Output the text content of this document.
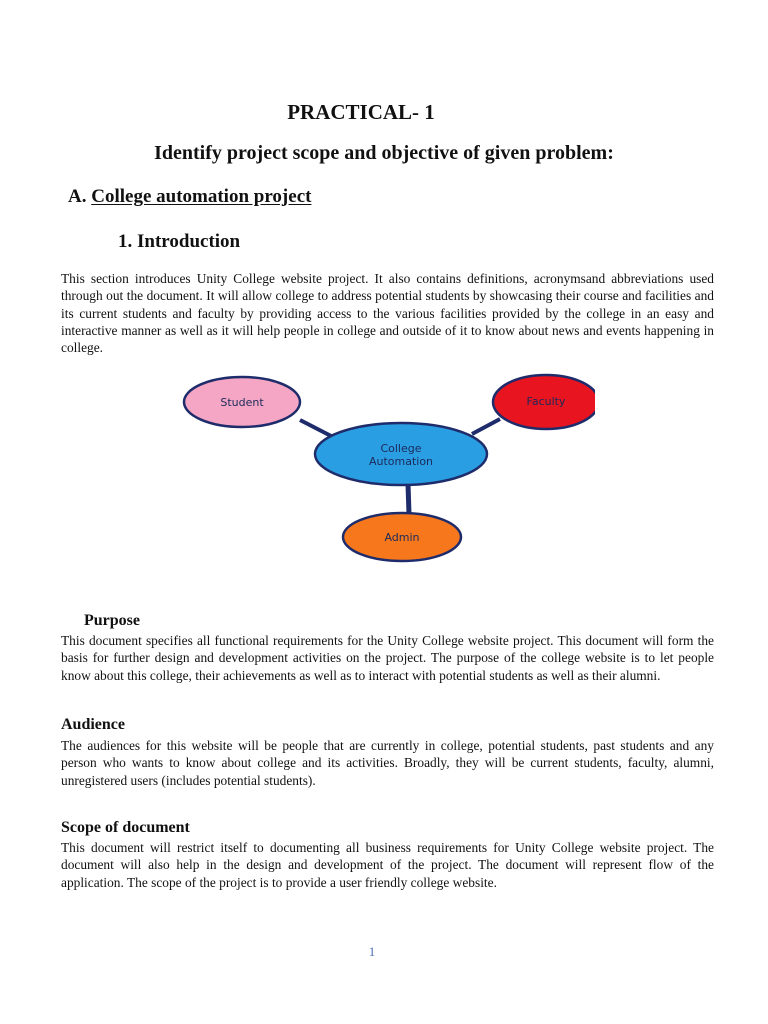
PRACTICAL- 1

Identify project scope and objective of given problem:

A. College automation project

1. Introduction

This section introduces Unity College website project. It also contains definitions, acronymsand abbreviations used through out the document. It will allow college to address potential students by showcasing their course and facilities and its current students and faculty by providing access to the various facilities provided by the college in an easy and interactive manner as well as it will help people in college and outside of it to know about news and events happening in college.

Student	Faculty
College
Automation
Admin

Purpose

This document specifies all functional requirements for the Unity College website project. This document will form the basis for further design and development activities on the project. The purpose of the college website is to let people know about this college, their achievements as well as to interact with potential students as well as their alumni.

Audience

The audiences for this website will be people that are currently in college, potential students, past students and any person who wants to know about college and its activities. Broadly, they will be current students, faculty, alumni, unregistered users (includes potential students).

Scope of document

This document will restrict itself to documenting all business requirements for Unity College website project. The document will also help in the design and development of the project. The document will represent flow of the application. The scope of the project is to provide a user friendly college website.

1
